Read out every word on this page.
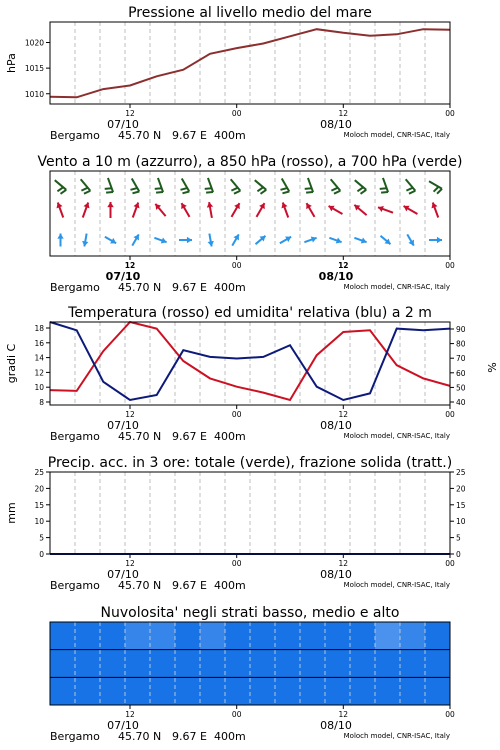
Pressione al livello medio del mare
12	00	12	00
07/10	08/10
Bergamo 45.70 N 9.67 E 400m	Moloch model, CNR-ISAC, Italy
1010
1015
1020
hPa
Vento a 10 m (azzurro), a 850 hPa (rosso), a 700 hPa (verde)
12	00	12	00
07/10	08/10
Bergamo 45.70 N 9.67 E 400m	Moloch model, CNR-ISAC, Italy
Temperatura (rosso) ed umidita' relativa (blu) a 2 m
12	00	12	00
07/10	08/10
Bergamo 45.70 N 9.67 E 400m	Moloch model, CNR-ISAC, Italy
8
10
12
14
16
18
40
50
60
70
80
90
gradi C	%
Precip. acc. in 3 ore: totale (verde), frazione solida (tratt.)
12	00	12	00
07/10	08/10
Bergamo 45.70 N 9.67 E 400m	Moloch model, CNR-ISAC, Italy
0
5
10
15
20
25
0
5
10
15
20
25
mm
Nuvolosita' negli strati basso, medio e alto
12	00	12	00
07/10	08/10
Bergamo 45.70 N 9.67 E 400m	Moloch model, CNR-ISAC, Italy
